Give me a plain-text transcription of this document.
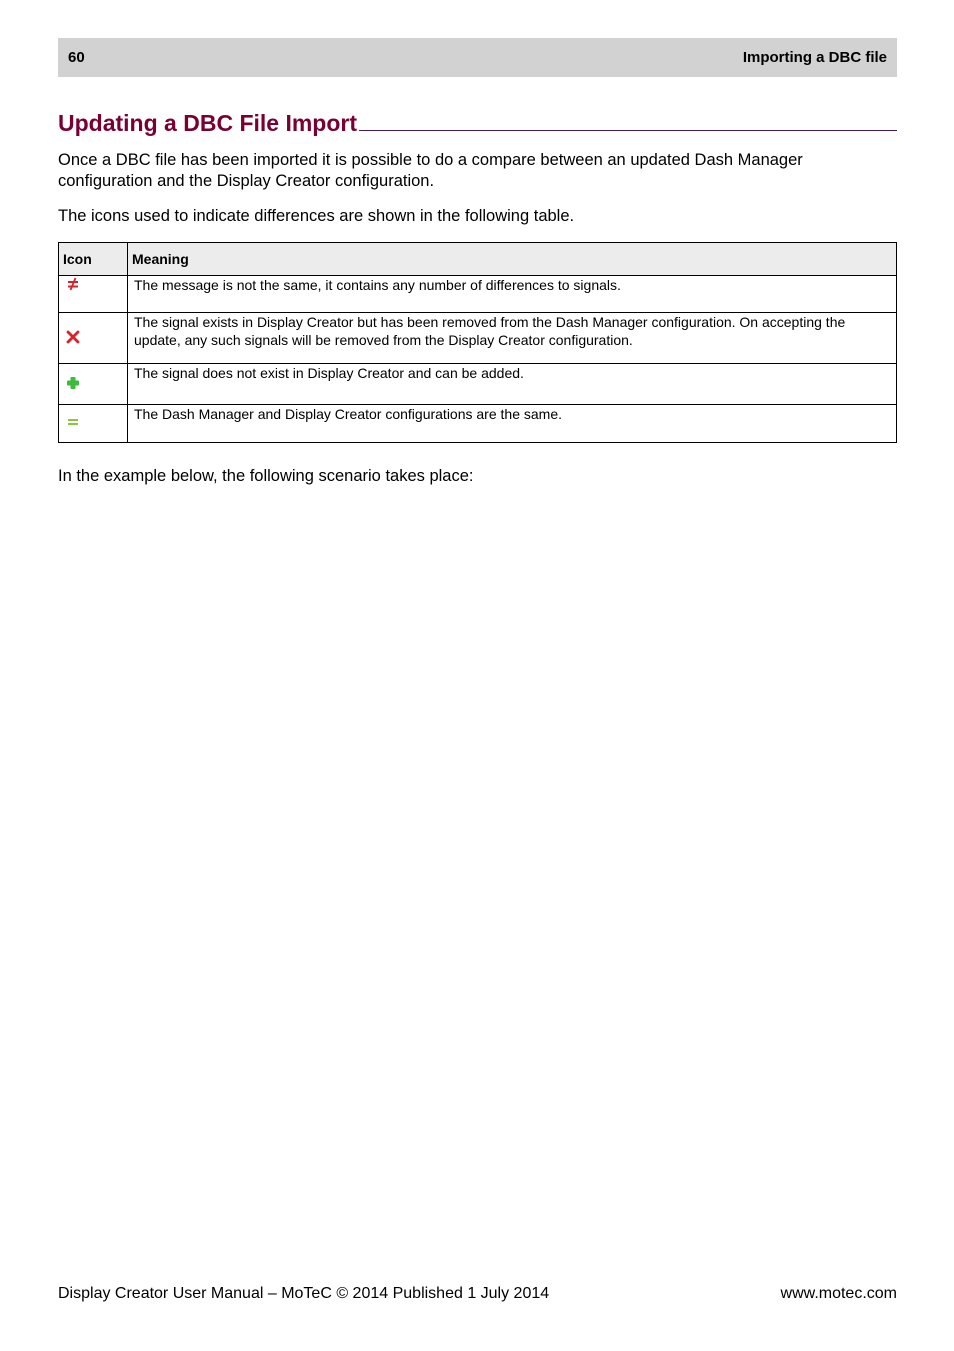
60	Importing a DBC file
Updating a DBC File Import

Once a DBC file has been imported it is possible to do a compare between an updated Dash Manager configuration and the Display Creator configuration.

The icons used to indicate differences are shown in the following table.

Icon	Meaning

	The message is not the same, it contains any number of differences to signals.

	The signal exists in Display Creator but has been removed from the Dash Manager configuration. On accepting the update, any such signals will be removed from the Display Creator configuration.

	The signal does not exist in Display Creator and can be added.

	The Dash Manager and Display Creator configurations are the same.

In the example below, the following scenario takes place:

Display Creator User Manual – MoTeC © 2014 Published 1 July 2014	www.motec.com
